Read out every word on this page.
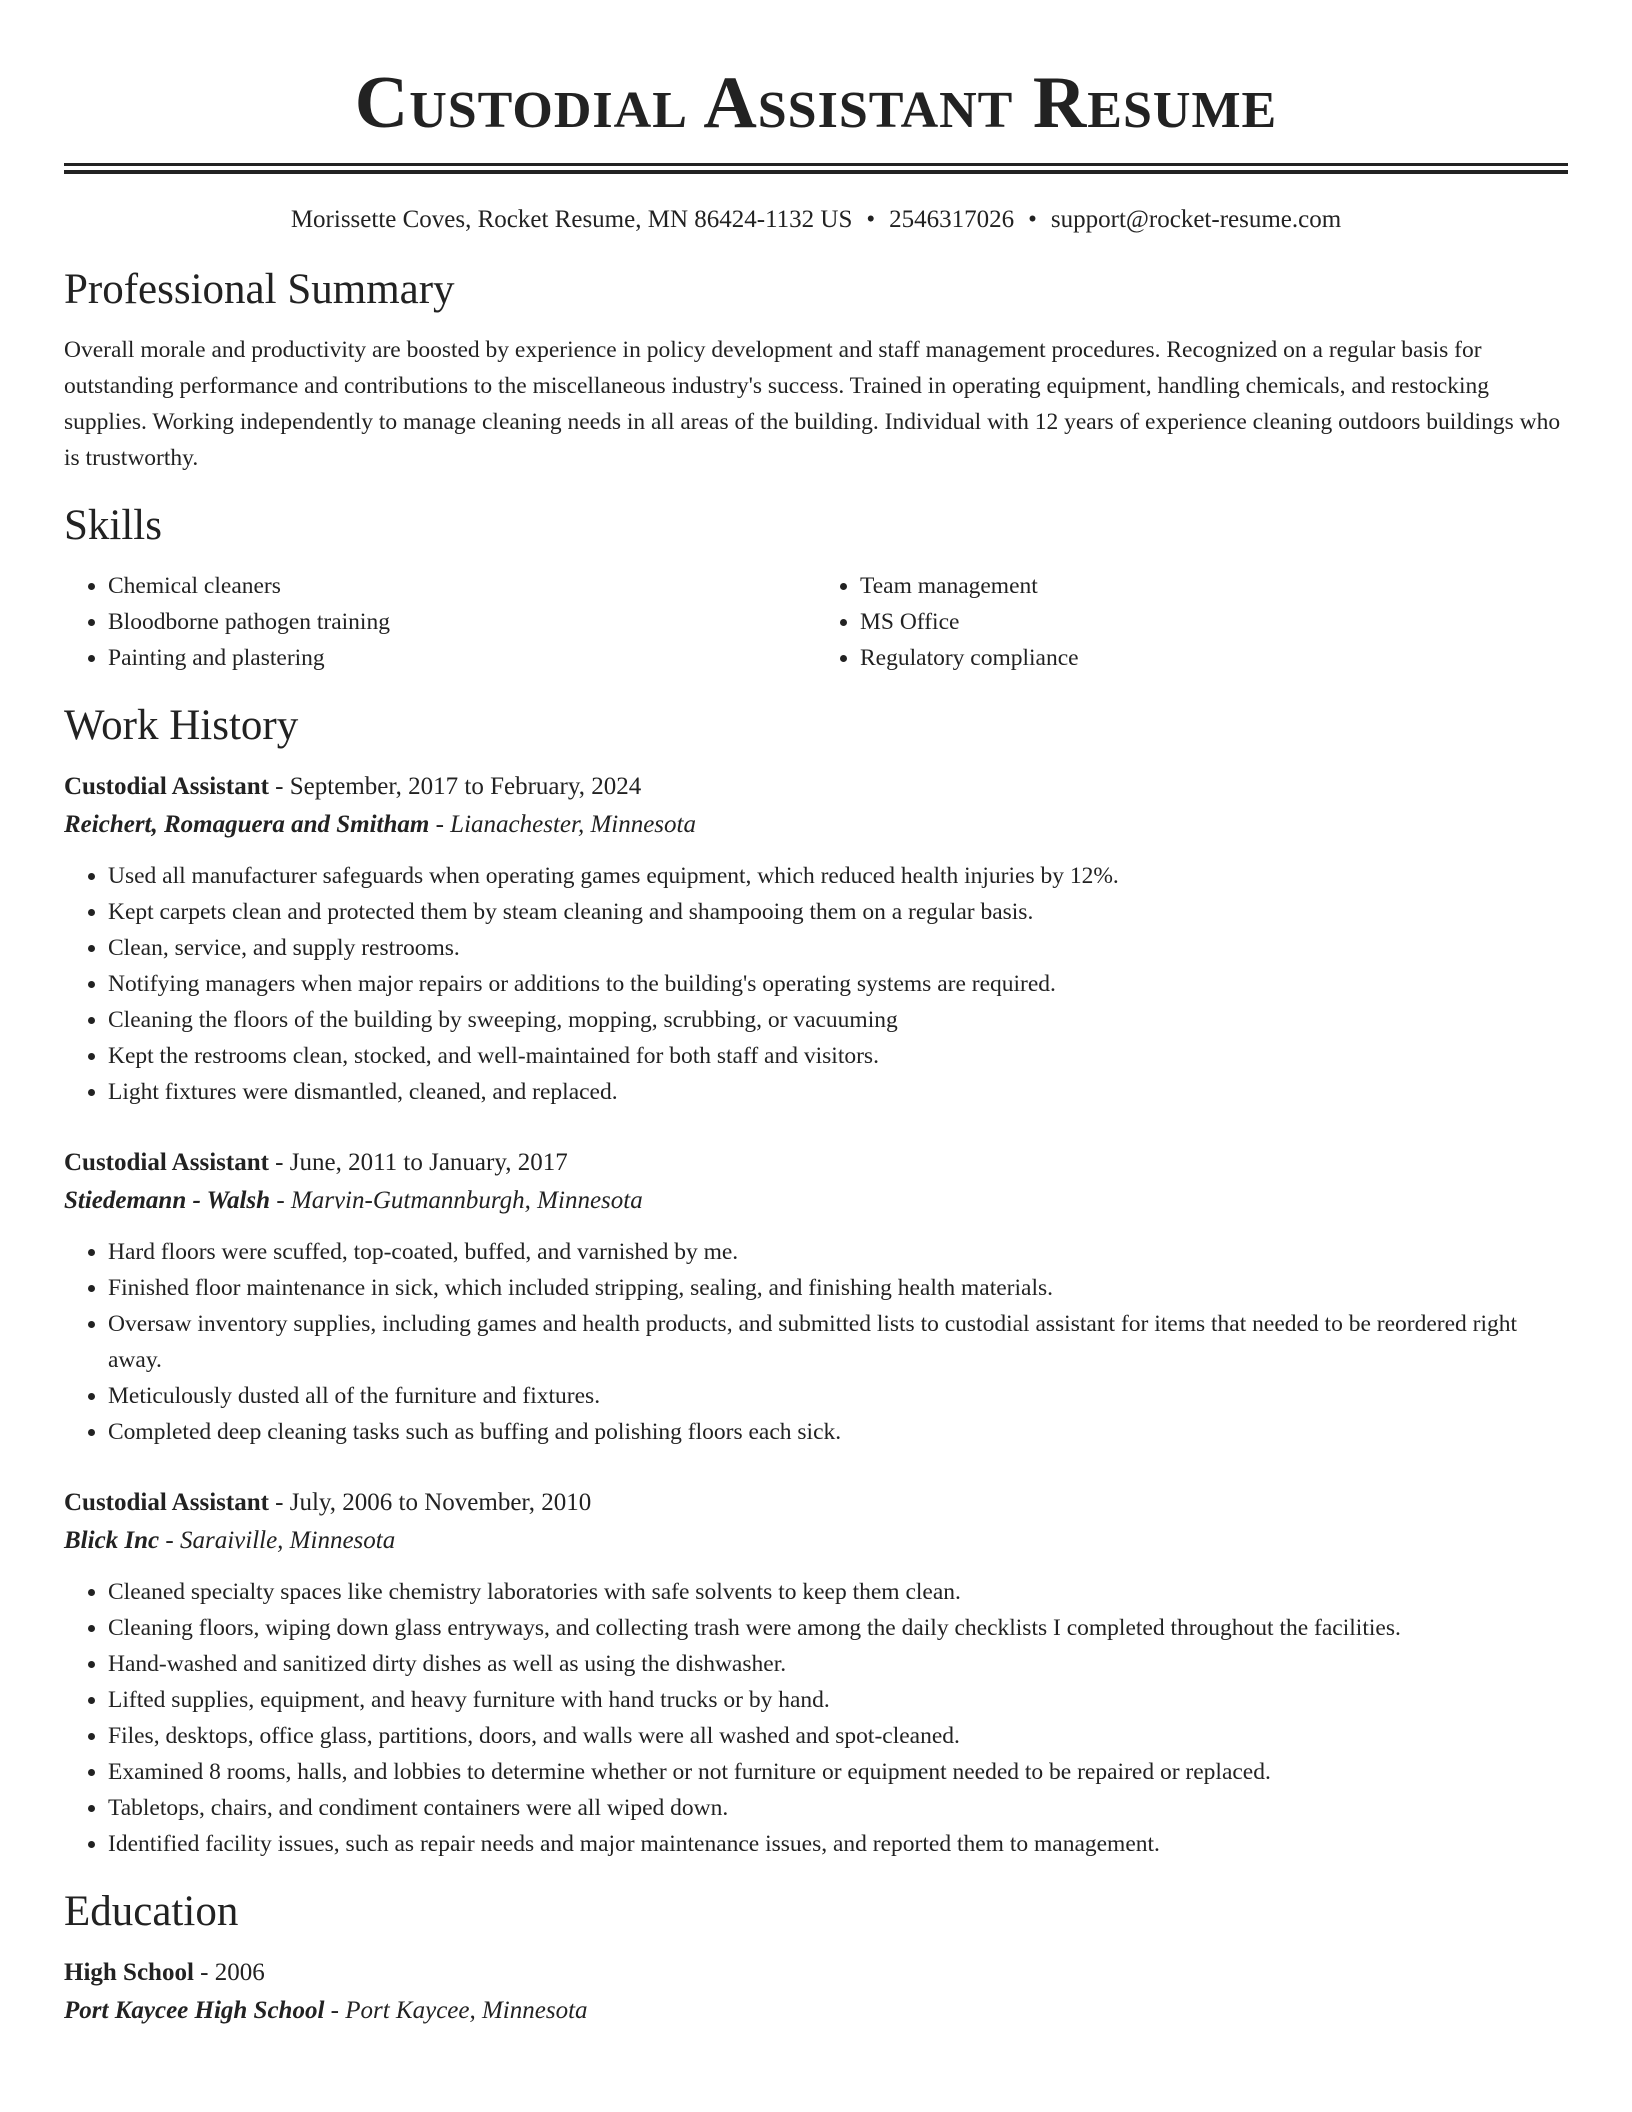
Custodial Assistant Resume
Morissette Coves, Rocket Resume, MN 86424-1132 US • 2546317026 • support@rocket-resume.com
Professional Summary

Overall morale and productivity are boosted by experience in policy development and staff management procedures. Recognized on a regular basis for outstanding performance and contributions to the miscellaneous industry's success. Trained in operating equipment, handling chemicals, and restocking supplies. Working independently to manage cleaning needs in all areas of the building. Individual with 12 years of experience cleaning outdoors buildings who is trustworthy.

Skills
• Chemical cleaners
• Bloodborne pathogen training
• Painting and plastering
• Team management
• MS Office
• Regulatory compliance
Work History
Custodial Assistant - September, 2017 to February, 2024
Reichert, Romaguera and Smitham - Lianachester, Minnesota
• Used all manufacturer safeguards when operating games equipment, which reduced health injuries by 12%.
• Kept carpets clean and protected them by steam cleaning and shampooing them on a regular basis.
• Clean, service, and supply restrooms.
• Notifying managers when major repairs or additions to the building's operating systems are required.
• Cleaning the floors of the building by sweeping, mopping, scrubbing, or vacuuming
• Kept the restrooms clean, stocked, and well-maintained for both staff and visitors.
• Light fixtures were dismantled, cleaned, and replaced.
Custodial Assistant - June, 2011 to January, 2017
Stiedemann - Walsh - Marvin-Gutmannburgh, Minnesota
• Hard floors were scuffed, top-coated, buffed, and varnished by me.
• Finished floor maintenance in sick, which included stripping, sealing, and finishing health materials.
• Oversaw inventory supplies, including games and health products, and submitted lists to custodial assistant for items that needed to be reordered right away.
• Meticulously dusted all of the furniture and fixtures.
• Completed deep cleaning tasks such as buffing and polishing floors each sick.
Custodial Assistant - July, 2006 to November, 2010
Blick Inc - Saraiville, Minnesota
• Cleaned specialty spaces like chemistry laboratories with safe solvents to keep them clean.
• Cleaning floors, wiping down glass entryways, and collecting trash were among the daily checklists I completed throughout the facilities.
• Hand-washed and sanitized dirty dishes as well as using the dishwasher.
• Lifted supplies, equipment, and heavy furniture with hand trucks or by hand.
• Files, desktops, office glass, partitions, doors, and walls were all washed and spot-cleaned.
• Examined 8 rooms, halls, and lobbies to determine whether or not furniture or equipment needed to be repaired or replaced.
• Tabletops, chairs, and condiment containers were all wiped down.
• Identified facility issues, such as repair needs and major maintenance issues, and reported them to management.
Education
High School - 2006
Port Kaycee High School - Port Kaycee, Minnesota
